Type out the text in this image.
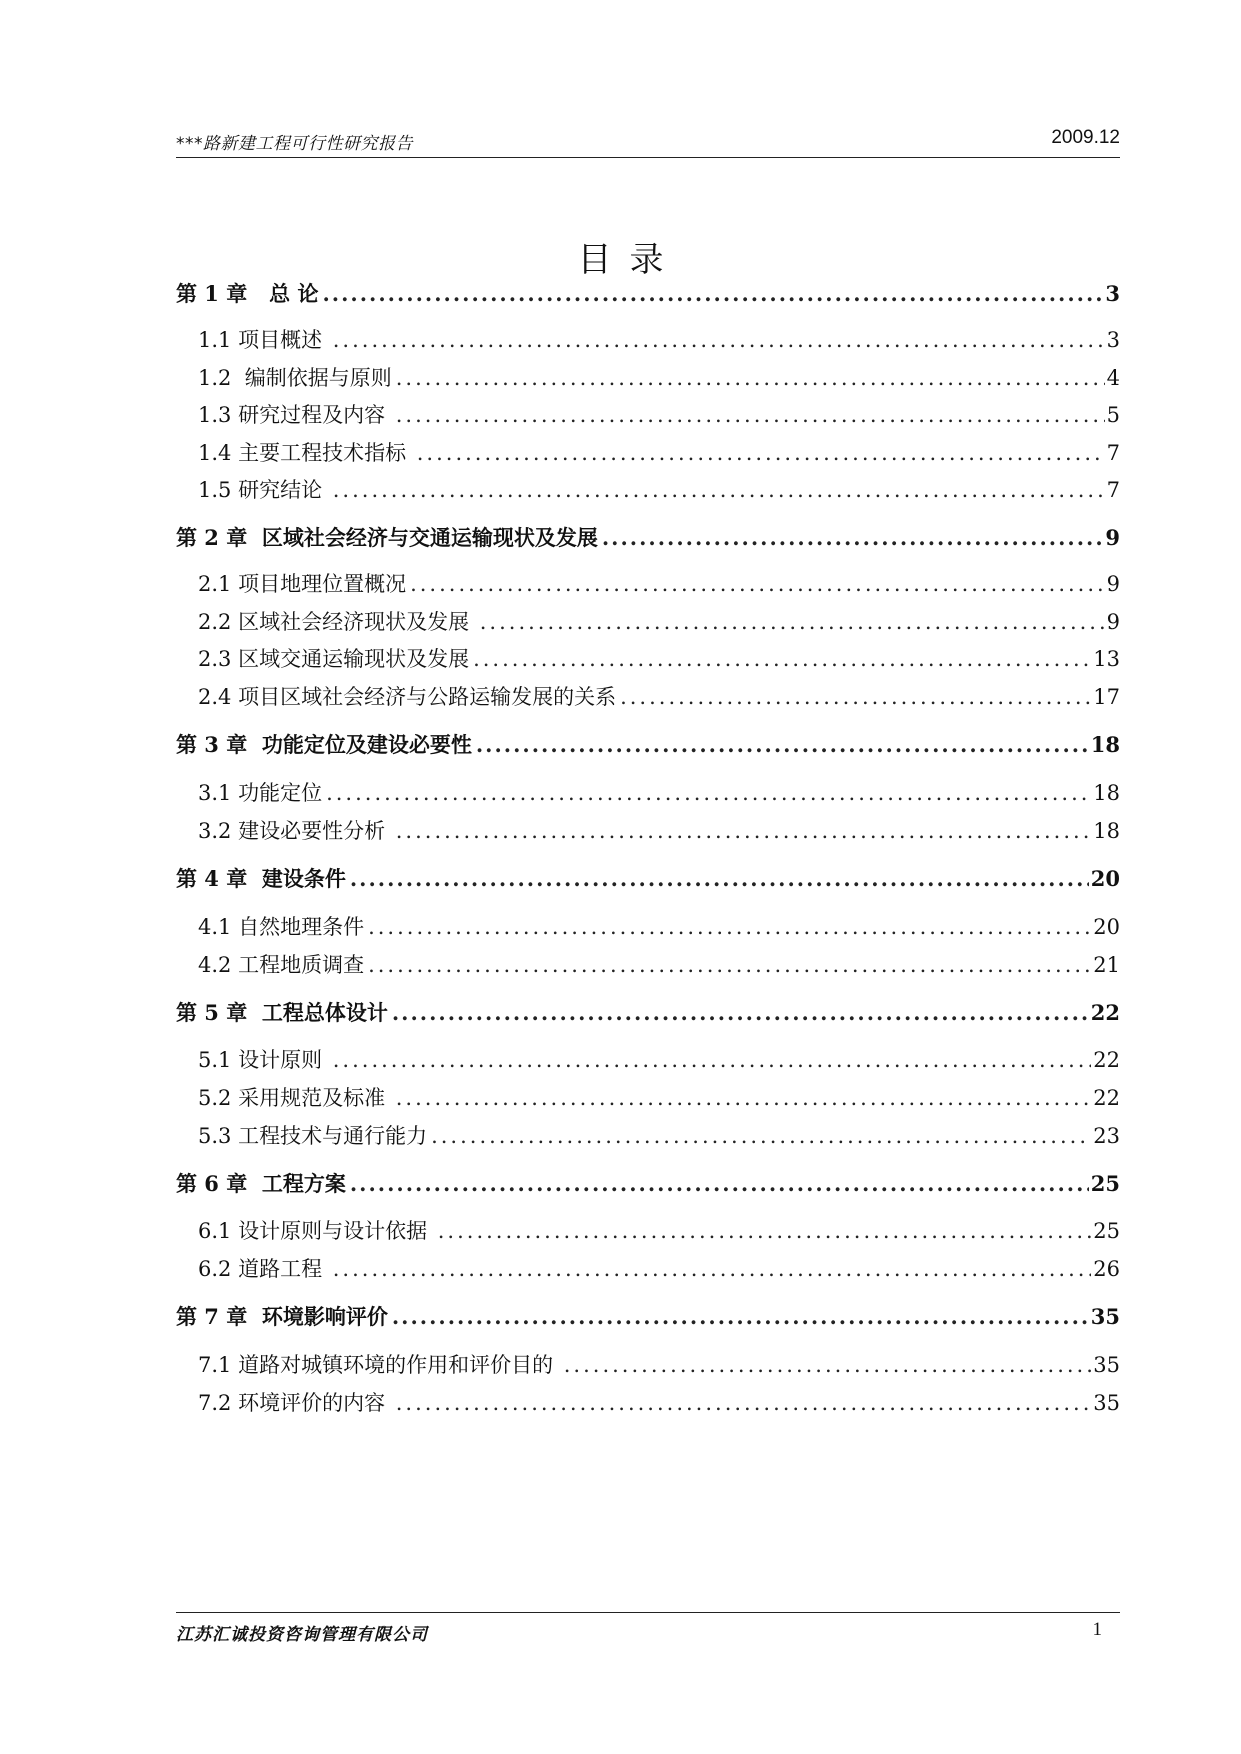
***路新建工程可行性研究报告	2009.12
目录
第 1 章   总 论 .....	3
1.1 项目概述 .....	3
1.2  编制依据与原则 .....	4
1.3 研究过程及内容 .....	5
1.4 主要工程技术指标 .....	7
1.5 研究结论 .....	7
第 2 章  区域社会经济与交通运输现状及发展 .....	9
2.1 项目地理位置概况 .....	9
2.2 区域社会经济现状及发展 .....	9
2.3 区域交通运输现状及发展 .....	13
2.4 项目区域社会经济与公路运输发展的关系 .....	17
第 3 章  功能定位及建设必要性 .....	18
3.1 功能定位 .....	18
3.2 建设必要性分析 .....	18
第 4 章  建设条件 .....	20
4.1 自然地理条件 .....	20
4.2 工程地质调查 .....	21
第 5 章  工程总体设计 .....	22
5.1 设计原则 .....	22
5.2 采用规范及标准 .....	22
5.3 工程技术与通行能力 .....	23
第 6 章  工程方案 .....	25
6.1 设计原则与设计依据 .....	25
6.2 道路工程 .....	26
第 7 章  环境影响评价 .....	35
7.1 道路对城镇环境的作用和评价目的 .....	35
7.2 环境评价的内容 .....	35
江苏汇诚投资咨询管理有限公司	1
